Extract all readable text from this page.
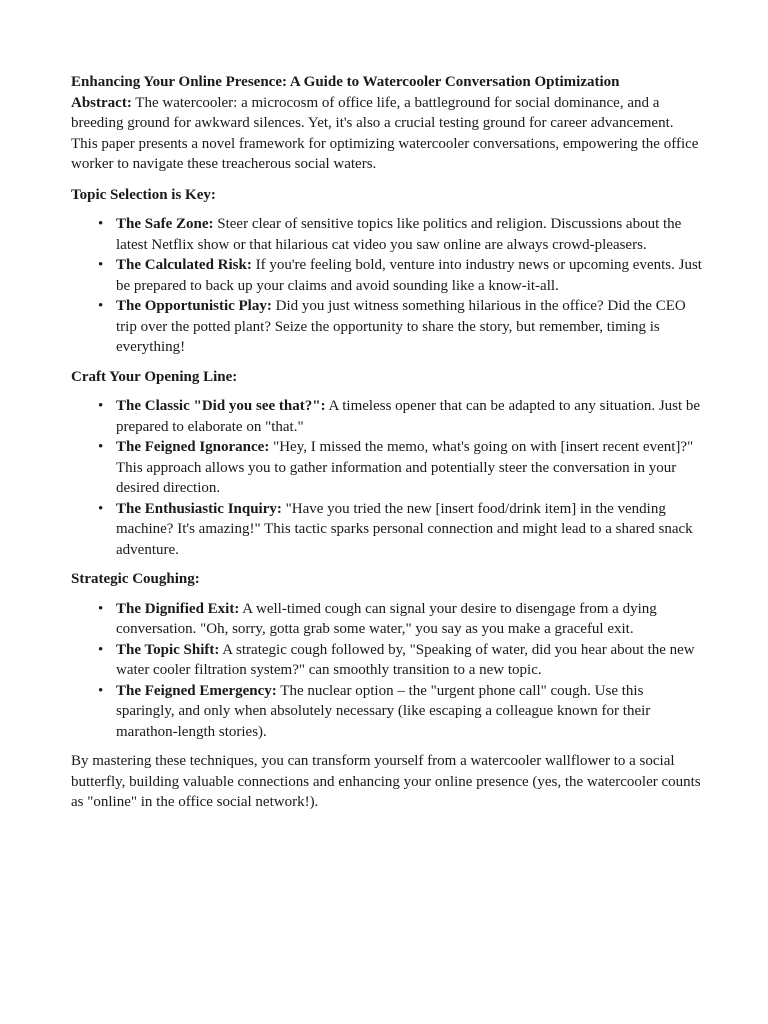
Enhancing Your Online Presence: A Guide to Watercooler Conversation Optimization

Abstract: The watercooler: a microcosm of office life, a battleground for social dominance, and a breeding ground for awkward silences. Yet, it's also a crucial testing ground for career advancement. This paper presents a novel framework for optimizing watercooler conversations, empowering the office worker to navigate these treacherous social waters.

Topic Selection is Key:

• The Safe Zone: Steer clear of sensitive topics like politics and religion. Discussions about the latest Netflix show or that hilarious cat video you saw online are always crowd-pleasers.
• The Calculated Risk: If you're feeling bold, venture into industry news or upcoming events. Just be prepared to back up your claims and avoid sounding like a know-it-all.
• The Opportunistic Play: Did you just witness something hilarious in the office? Did the CEO trip over the potted plant? Seize the opportunity to share the story, but remember, timing is everything!

Craft Your Opening Line:

• The Classic "Did you see that?": A timeless opener that can be adapted to any situation. Just be prepared to elaborate on "that."
• The Feigned Ignorance: "Hey, I missed the memo, what's going on with [insert recent event]?" This approach allows you to gather information and potentially steer the conversation in your desired direction.
• The Enthusiastic Inquiry: "Have you tried the new [insert food/drink item] in the vending machine? It's amazing!" This tactic sparks personal connection and might lead to a shared snack adventure.

Strategic Coughing:

• The Dignified Exit: A well-timed cough can signal your desire to disengage from a dying conversation. "Oh, sorry, gotta grab some water," you say as you make a graceful exit.
• The Topic Shift: A strategic cough followed by, "Speaking of water, did you hear about the new water cooler filtration system?" can smoothly transition to a new topic.
• The Feigned Emergency: The nuclear option – the "urgent phone call" cough. Use this sparingly, and only when absolutely necessary (like escaping a colleague known for their marathon-length stories).

By mastering these techniques, you can transform yourself from a watercooler wallflower to a social butterfly, building valuable connections and enhancing your online presence (yes, the watercooler counts as "online" in the office social network!).
